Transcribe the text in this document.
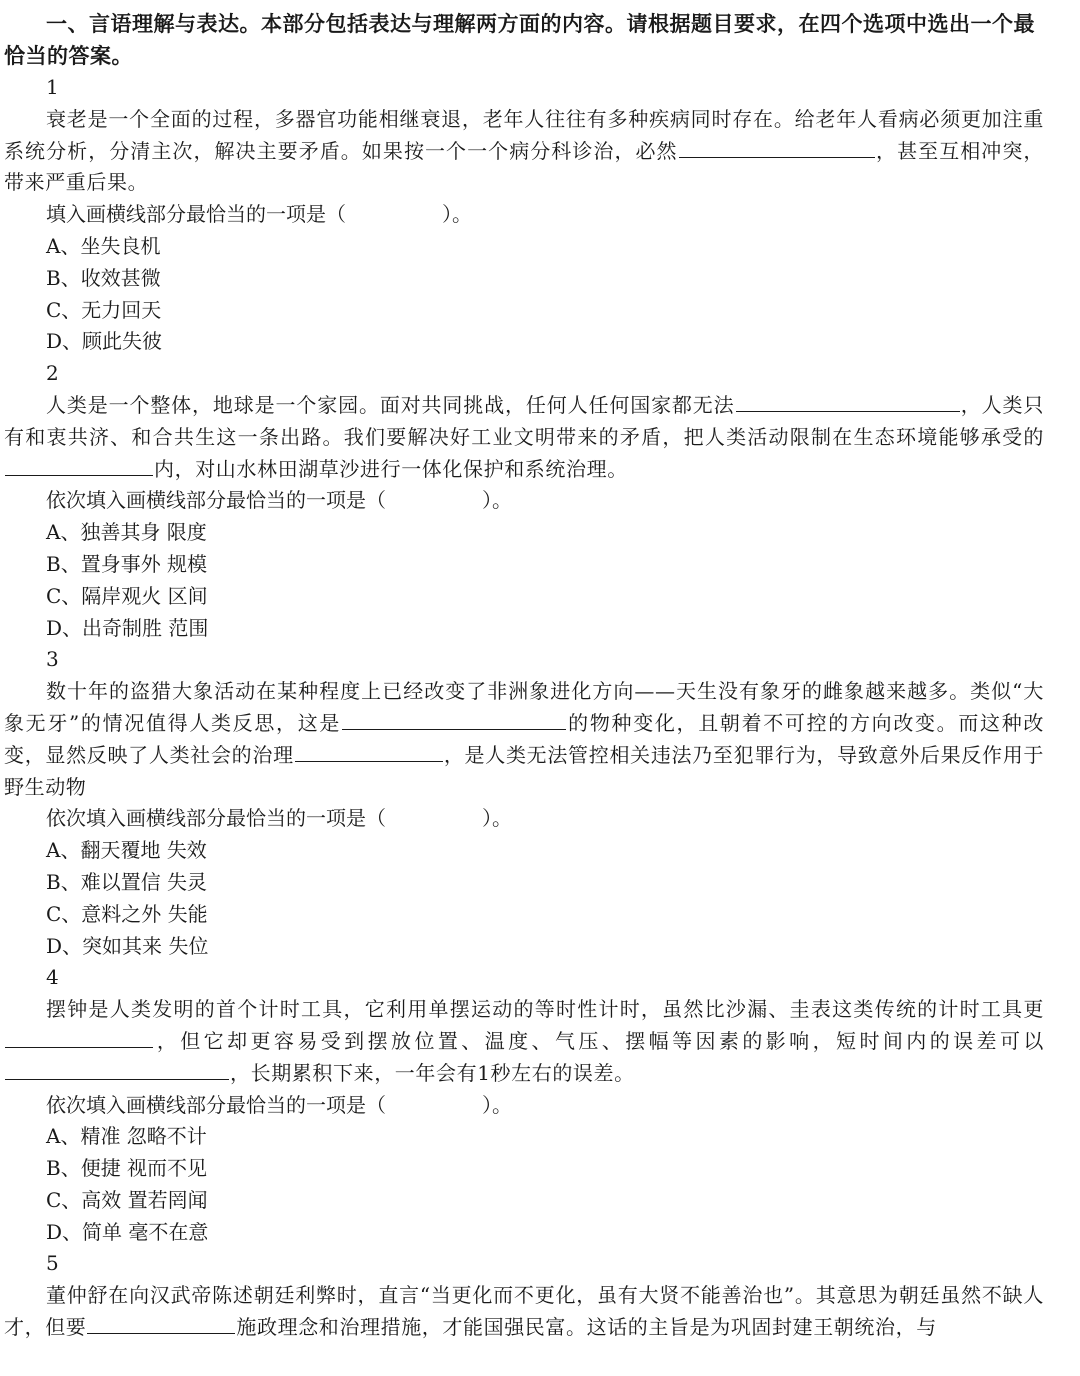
一、言语理解与表达。本部分包括表达与理解两方面的内容。请根据题目要求，在四个选项中选出一个最恰当的答案。
1
衰老是一个全面的过程，多器官功能相继衰退，老年人往往有多种疾病同时存在。给老年人看病必须更加注重系统分析，分清主次，解决主要矛盾。如果按一个一个病分科诊治，必然	，甚至互相冲突，带来严重后果。
填入画横线部分最恰当的一项是（	）。
A、坐失良机
B、收效甚微
C、无力回天
D、顾此失彼
2
人类是一个整体，地球是一个家园。面对共同挑战，任何人任何国家都无法	，人类只有和衷共济、和合共生这一条出路。我们要解决好工业文明带来的矛盾，把人类活动限制在生态环境能够承受的内，对山水林田湖草沙进行一体化保护和系统治理。
依次填入画横线部分最恰当的一项是（	）。
A、独善其身 限度
B、置身事外 规模
C、隔岸观火 区间
D、出奇制胜 范围
3
数十年的盗猎大象活动在某种程度上已经改变了非洲象进化方向——天生没有象牙的雌象越来越多。类似“大象无牙”的情况值得人类反思，这是	的物种变化，且朝着不可控的方向改变。而这种改变，显然反映了人类社会的治理	，是人类无法管控相关违法乃至犯罪行为，导致意外后果反作用于野生动物
依次填入画横线部分最恰当的一项是（	）。
A、翻天覆地 失效
B、难以置信 失灵
C、意料之外 失能
D、突如其来 失位
4
摆钟是人类发明的首个计时工具，它利用单摆运动的等时性计时，虽然比沙漏、圭表这类传统的计时工具更，但它却更容易受到摆放位置、温度、气压、摆幅等因素的影响，短时间内的误差可以，长期累积下来，一年会有1秒左右的误差。
依次填入画横线部分最恰当的一项是（	）。
A、精准 忽略不计
B、便捷 视而不见
C、高效 置若罔闻
D、简单 毫不在意
5
董仲舒在向汉武帝陈述朝廷利弊时，直言“当更化而不更化，虽有大贤不能善治也”。其意思为朝廷虽然不缺人才，但要	施政理念和治理措施，才能国强民富。这话的主旨是为巩固封建王朝统治，与
